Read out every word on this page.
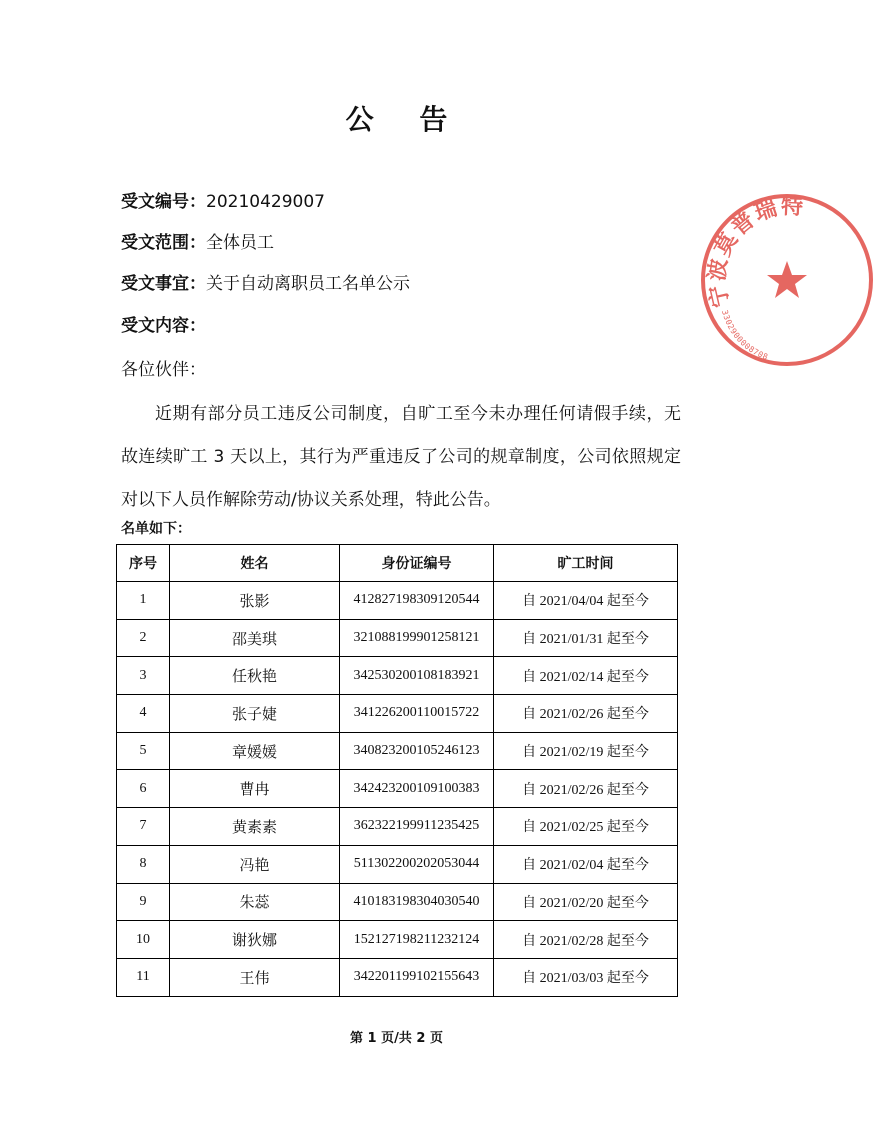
公 告
受文编号：20210429007
受文范围：全体员工
受文事宜：关于自动离职员工名单公示
受文内容：
各位伙伴：
近期有部分员工违反公司制度，自旷工至今未办理任何请假手续，无故连续旷工 3 天以上，其行为严重违反了公司的规章制度，公司依照规定对以下人员作解除劳动/协议关系处理，特此公告。
名单如下：
序号	姓名	身份证编号	旷工时间
1	张影	412827198309120544	自 2021/04/04 起至今
2	邵美琪	321088199901258121	自 2021/01/31 起至今
3	任秋艳	342530200108183921	自 2021/02/14 起至今
4	张子婕	341226200110015722	自 2021/02/26 起至今
5	章媛媛	340823200105246123	自 2021/02/19 起至今
6	曹冉	342423200109100383	自 2021/02/26 起至今
7	黄素素	362322199911235425	自 2021/02/25 起至今
8	冯艳	511302200202053044	自 2021/02/04 起至今
9	朱蕊	410183198304030540	自 2021/02/20 起至今
10	谢狄娜	152127198211232124	自 2021/02/28 起至今
11	王伟	342201199102155643	自 2021/03/03 起至今
第 1 页/共 2 页
宁波莫普瑞特
3302900008708
